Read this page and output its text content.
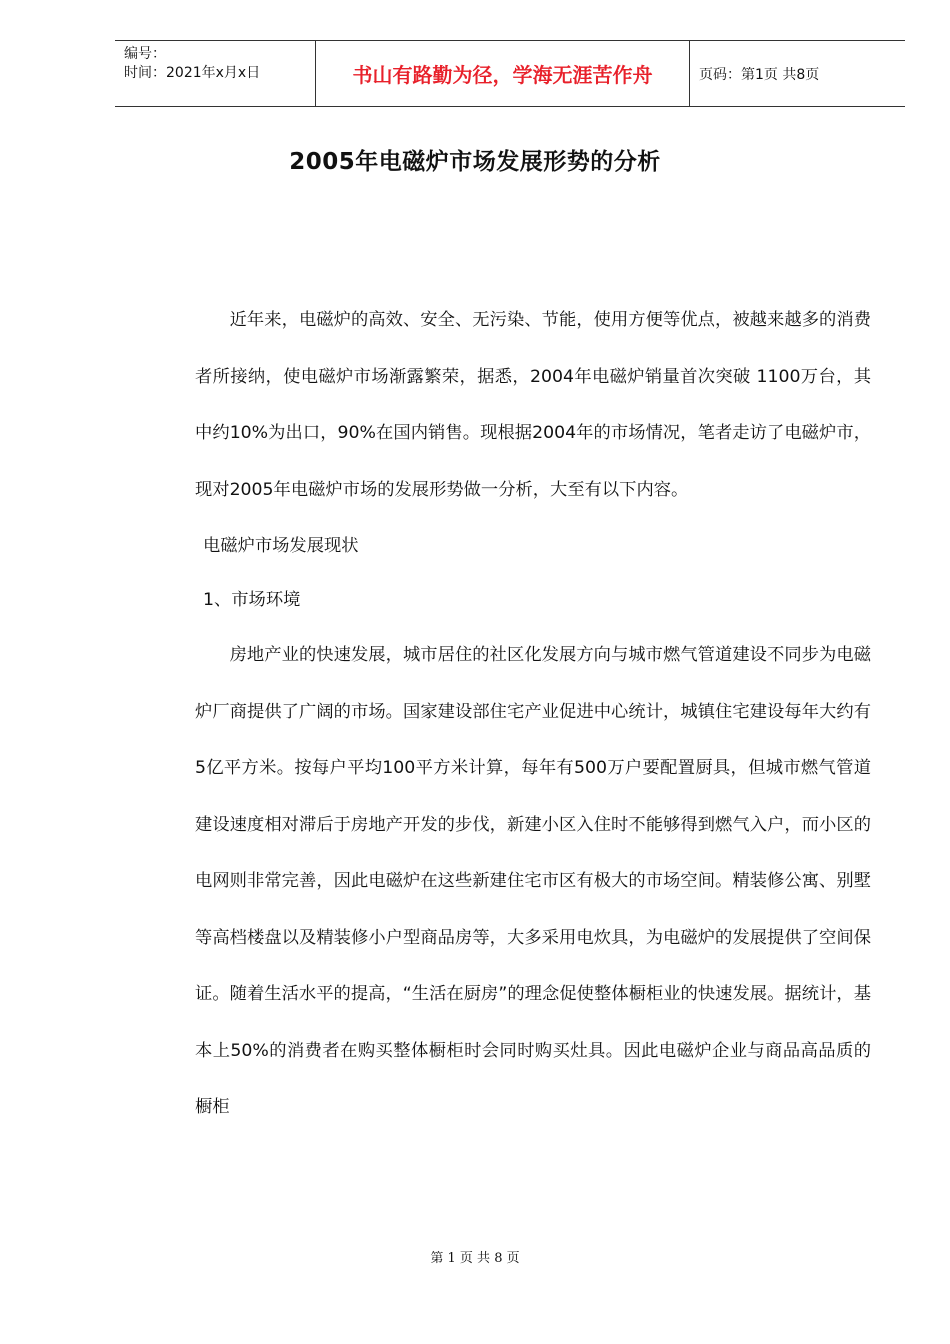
编号：
时间：2021年x月x日	书山有路勤为径，学海无涯苦作舟	页码：第1页 共8页
2005年电磁炉市场发展形势的分析

近年来，电磁炉的高效、安全、无污染、节能，使用方便等优点，被越来越多的消费者所接纳，使电磁炉市场渐露繁荣，据悉，2004年电磁炉销量首次突破 1100万台，其中约10%为出口，90%在国内销售。现根据2004年的市场情况，笔者走访了电磁炉市，现对2005年电磁炉市场的发展形势做一分析，大至有以下内容。

电磁炉市场发展现状

1、市场环境

房地产业的快速发展，城市居住的社区化发展方向与城市燃气管道建设不同步为电磁炉厂商提供了广阔的市场。国家建设部住宅产业促进中心统计，城镇住宅建设每年大约有5亿平方米。按每户平均100平方米计算，每年有500万户要配置厨具，但城市燃气管道建设速度相对滞后于房地产开发的步伐，新建小区入住时不能够得到燃气入户，而小区的电网则非常完善，因此电磁炉在这些新建住宅市区有极大的市场空间。精装修公寓、别墅等高档楼盘以及精装修小户型商品房等，大多采用电炊具，为电磁炉的发展提供了空间保证。随着生活水平的提高，“生活在厨房”的理念促使整体橱柜业的快速发展。据统计，基本上50%的消费者在购买整体橱柜时会同时购买灶具。因此电磁炉企业与商品高品质的橱柜

第 1 页 共 8 页
